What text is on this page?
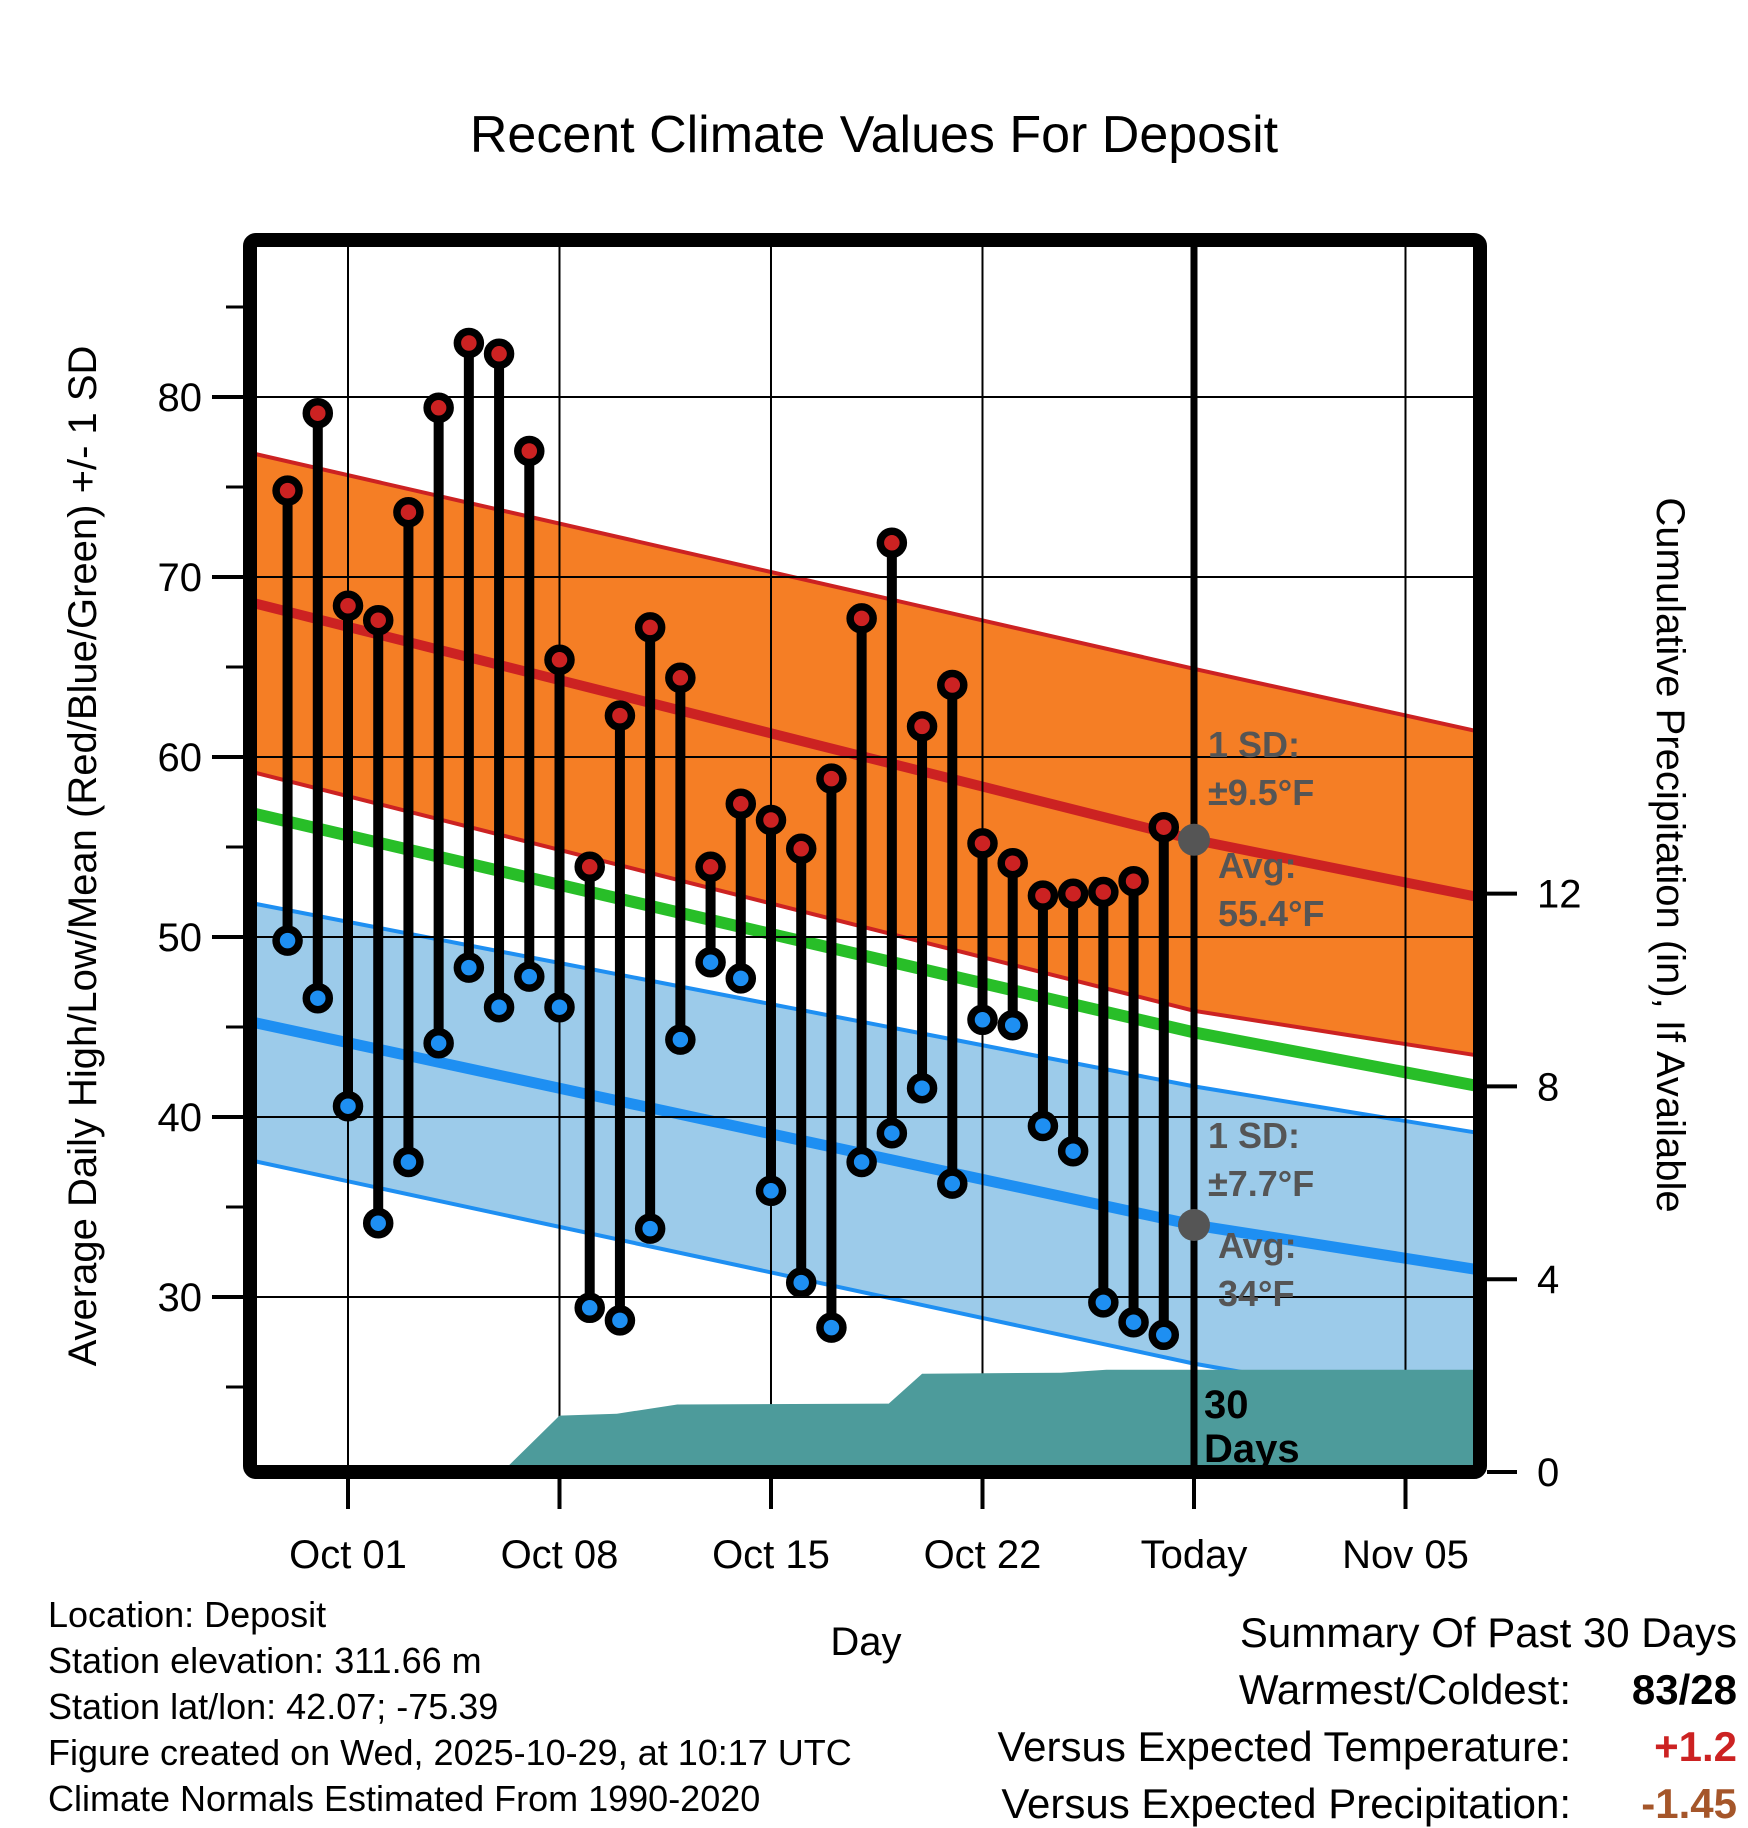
Recent Climate Values For Deposit
1 SD:
±9.5°F
Avg:
55.4°F
1 SD:
±7.7°F
Avg:
34°F
30
Days
80
70
60
50
40
30
Oct 01 Oct 08 Oct 15 Oct 22 Today Nov 05
12
8
4
0
Average Daily High/Low/Mean (Red/Blue/Green) +/- 1 SD	Cumulative Precipitation (in), If Available
Day
Location: Deposit
Station elevation: 311.66 m
Station lat/lon: 42.07; -75.39
Figure created on Wed, 2025-10-29, at 10:17 UTC
Climate Normals Estimated From 1990-2020
Summary Of Past 30 Days
Warmest/Coldest: 83/28
Versus Expected Temperature: +1.2
Versus Expected Precipitation: -1.45
